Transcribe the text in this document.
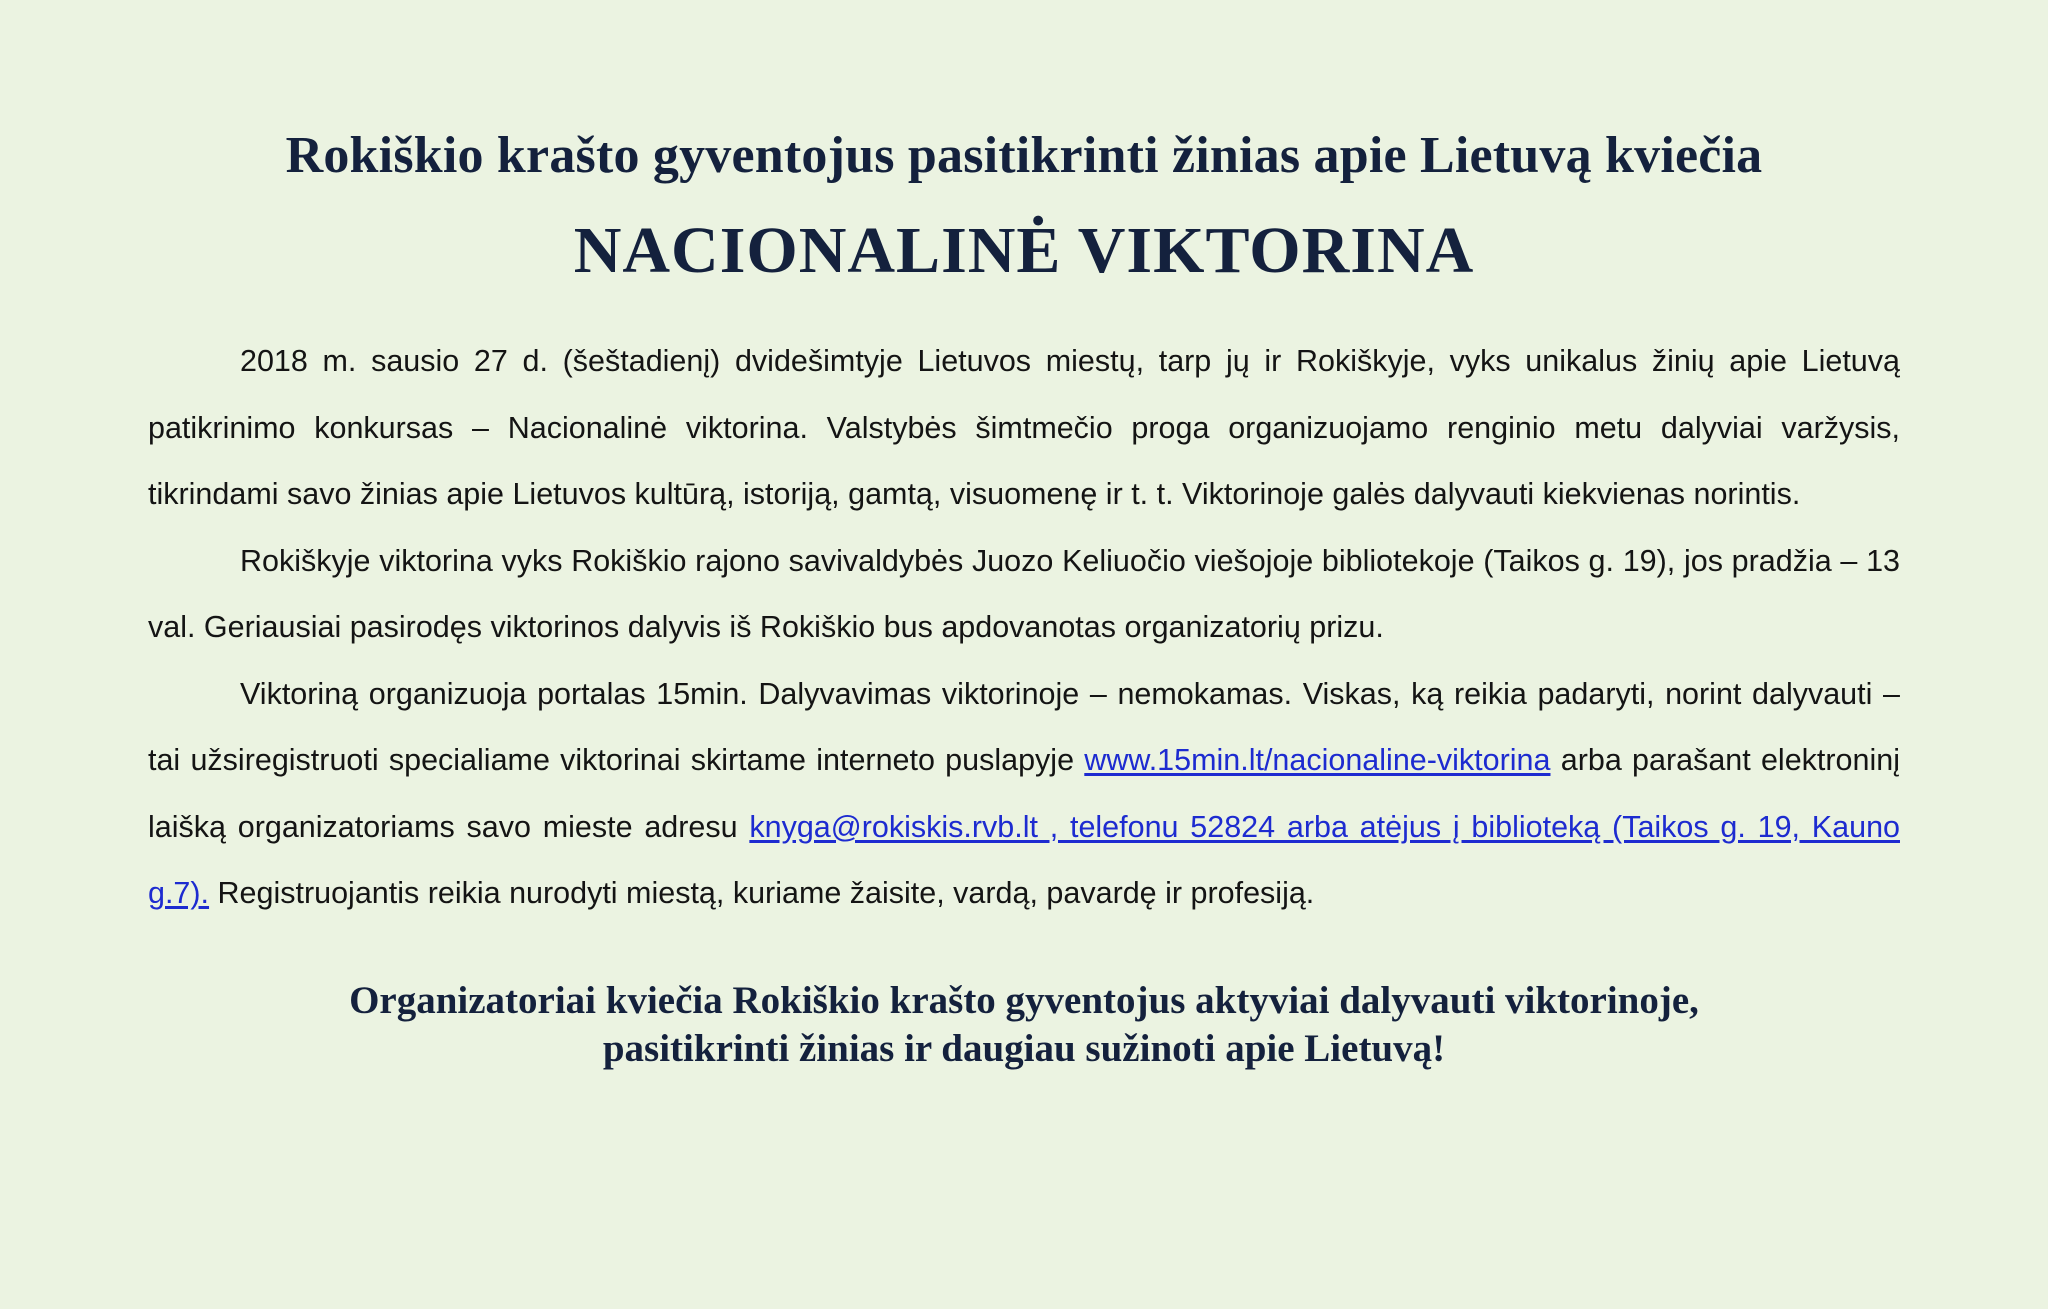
Rokiškio krašto gyventojus pasitikrinti žinias apie Lietuvą kviečia
NACIONALINĖ VIKTORINA

2018 m. sausio 27 d. (šeštadienį) dvidešimtyje Lietuvos miestų, tarp jų ir Rokiškyje, vyks unikalus žinių apie Lietuvą patikrinimo konkursas – Nacionalinė viktorina. Valstybės šimtmečio proga organizuojamo renginio metu dalyviai varžysis, tikrindami savo žinias apie Lietuvos kultūrą, istoriją, gamtą, visuomenę ir t. t. Viktorinoje galės dalyvauti kiekvienas norintis.

Rokiškyje viktorina vyks Rokiškio rajono savivaldybės Juozo Keliuočio viešojoje bibliotekoje (Taikos g. 19), jos pradžia – 13 val. Geriausiai pasirodęs viktorinos dalyvis iš Rokiškio bus apdovanotas organizatorių prizu.

Viktoriną organizuoja portalas 15min. Dalyvavimas viktorinoje – nemokamas. Viskas, ką reikia padaryti, norint dalyvauti – tai užsiregistruoti specialiame viktorinai skirtame interneto puslapyje www.15min.lt/nacionaline-viktorina arba parašant elektroninį laišką organizatoriams savo mieste adresu knyga@rokiskis.rvb.lt , telefonu 52824 arba atėjus į biblioteką (Taikos g. 19, Kauno g.7). Registruojantis reikia nurodyti miestą, kuriame žaisite, vardą, pavardę ir profesiją.

Organizatoriai kviečia Rokiškio krašto gyventojus aktyviai dalyvauti viktorinoje,
pasitikrinti žinias ir daugiau sužinoti apie Lietuvą!
